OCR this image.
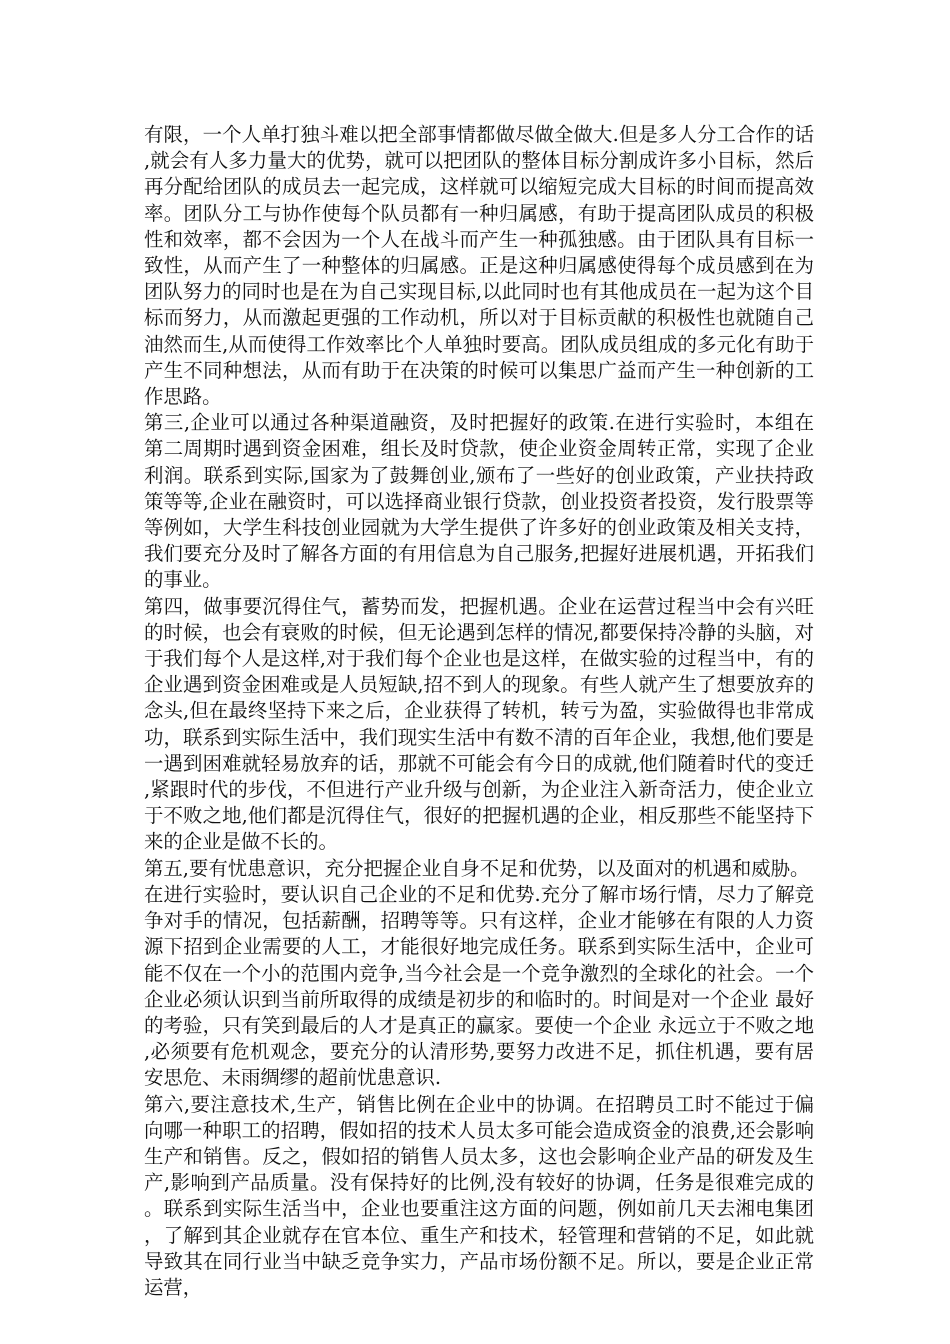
有限，一个人单打独斗难以把全部事情都做尽做全做大.但是多人分工合作的话,就会有人多力量大的优势，就可以把团队的整体目标分割成许多小目标，然后再分配给团队的成员去一起完成，这样就可以缩短完成大目标的时间而提高效率。团队分工与协作使每个队员都有一种归属感，有助于提高团队成员的积极性和效率，都不会因为一个人在战斗而产生一种孤独感。由于团队具有目标一致性，从而产生了一种整体的归属感。正是这种归属感使得每个成员感到在为团队努力的同时也是在为自己实现目标,以此同时也有其他成员在一起为这个目标而努力，从而激起更强的工作动机，所以对于目标贡献的积极性也就随自己油然而生,从而使得工作效率比个人单独时要高。团队成员组成的多元化有助于产生不同种想法，从而有助于在决策的时候可以集思广益而产生一种创新的工作思路。

第三,企业可以通过各种渠道融资，及时把握好的政策.在进行实验时，本组在第二周期时遇到资金困难，组长及时贷款，使企业资金周转正常，实现了企业利润。联系到实际,国家为了鼓舞创业,颁布了一些好的创业政策，产业扶持政策等等,企业在融资时，可以选择商业银行贷款，创业投资者投资，发行股票等等例如，大学生科技创业园就为大学生提供了许多好的创业政策及相关支持，我们要充分及时了解各方面的有用信息为自己服务,把握好进展机遇，开拓我们的事业。

第四，做事要沉得住气，蓄势而发，把握机遇。企业在运营过程当中会有兴旺的时候，也会有衰败的时候，但无论遇到怎样的情况,都要保持冷静的头脑，对于我们每个人是这样,对于我们每个企业也是这样，在做实验的过程当中，有的企业遇到资金困难或是人员短缺,招不到人的现象。有些人就产生了想要放弃的念头,但在最终坚持下来之后，企业获得了转机，转亏为盈，实验做得也非常成功，联系到实际生活中，我们现实生活中有数不清的百年企业，我想,他们要是一遇到困难就轻易放弃的话，那就不可能会有今日的成就,他们随着时代的变迁,紧跟时代的步伐，不但进行产业升级与创新，为企业注入新奇活力，使企业立于不败之地,他们都是沉得住气，很好的把握机遇的企业，相反那些不能坚持下来的企业是做不长的。

第五,要有忧患意识，充分把握企业自身不足和优势，以及面对的机遇和威胁。

在进行实验时，要认识自己企业的不足和优势.充分了解市场行情，尽力了解竞争对手的情况，包括薪酬，招聘等等。只有这样，企业才能够在有限的人力资源下招到企业需要的人工，才能很好地完成任务。联系到实际生活中，企业可能不仅在一个小的范围内竞争,当今社会是一个竞争激烈的全球化的社会。一个企业必须认识到当前所取得的成绩是初步的和临时的。时间是对一个企业 最好的考验，只有笑到最后的人才是真正的赢家。要使一个企业 永远立于不败之地,必须要有危机观念，要充分的认清形势,要努力改进不足，抓住机遇，要有居安思危、未雨绸缪的超前忧患意识.

第六,要注意技术,生产，销售比例在企业中的协调。在招聘员工时不能过于偏向哪一种职工的招聘，假如招的技术人员太多可能会造成资金的浪费,还会影响生产和销售。反之，假如招的销售人员太多，这也会影响企业产品的研发及生产,影响到产品质量。没有保持好的比例,没有较好的协调，任务是很难完成的。联系到实际生活当中，企业也要重注这方面的问题，例如前几天去湘电集团，了解到其企业就存在官本位、重生产和技术，轻管理和营销的不足，如此就导致其在同行业当中缺乏竞争实力，产品市场份额不足。所以，要是企业正常运营，
